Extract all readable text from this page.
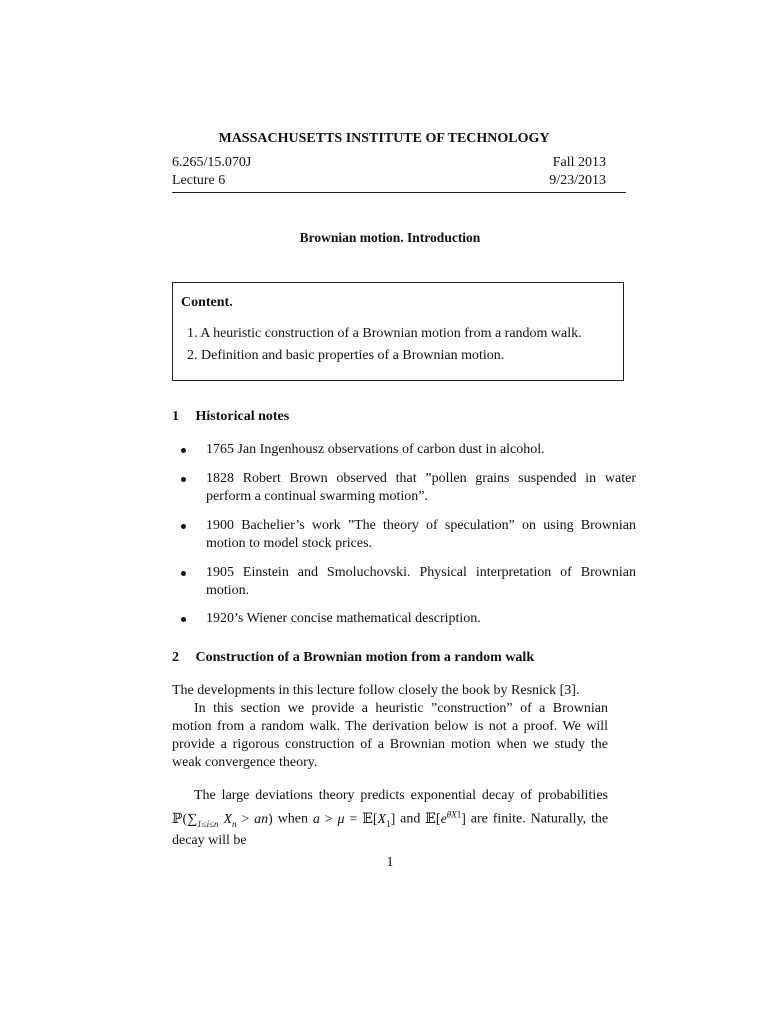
MASSACHUSETTS INSTITUTE OF TECHNOLOGY
6.265/15.070J	Fall 2013
Lecture 6	9/23/2013
Brownian motion. Introduction
Content.
1. A heuristic construction of a Brownian motion from a random walk.
2. Definition and basic properties of a Brownian motion.
1 Historical notes
1765 Jan Ingenhousz observations of carbon dust in alcohol.
1828 Robert Brown observed that ”pollen grains suspended in water perform a continual swarming motion”.
1900 Bachelier’s work ”The theory of speculation” on using Brownian motion to model stock prices.
1905 Einstein and Smoluchovski. Physical interpretation of Brownian motion.
1920’s Wiener concise mathematical description.
2 Construction of a Brownian motion from a random walk
The developments in this lecture follow closely the book by Resnick [3].
In this section we provide a heuristic ”construction” of a Brownian motion from a random walk. The derivation below is not a proof. We will provide a rigorous construction of a Brownian motion when we study the weak convergence theory.
The large deviations theory predicts exponential decay of probabilities $ℙ(\sum_{1\le i\le n}$ $X_n > an$) when $a > \mu = 𝔼[X_1]$ and $𝔼[e^{\theta X1}]$ are finite. Naturally, the decay will be
1
